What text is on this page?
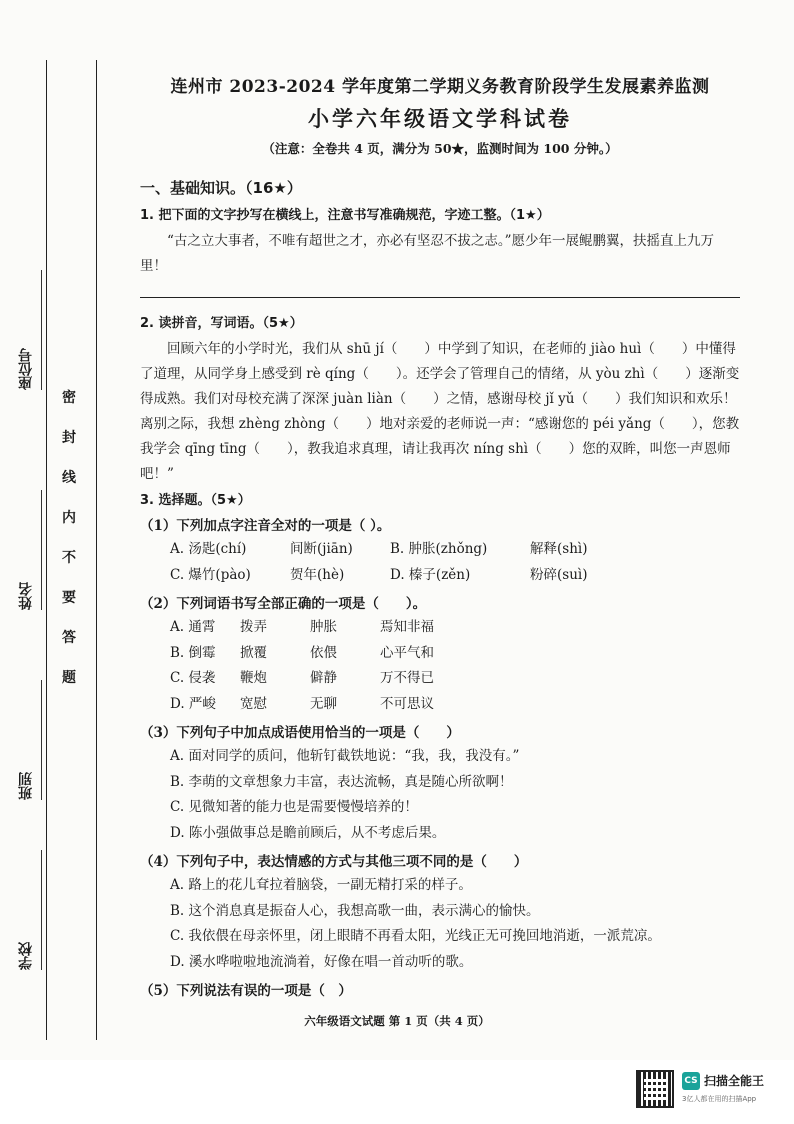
座位号
姓名
班别
学校
密
封
线
内
不
要
答
题

连州市 2023-2024 学年度第二学期义务教育阶段学生发展素养监测

小学六年级语文学科试卷

（注意：全卷共 4 页，满分为 50★，监测时间为 100 分钟。）

一、基础知识。（16★）

1. 把下面的文字抄写在横线上，注意书写准确规范，字迹工整。（1★）

“古之立大事者，不唯有超世之才，亦必有坚忍不拔之志。”愿少年一展鲲鹏翼，扶摇直上九万里！

2. 读拼音，写词语。（5★）

回顾六年的小学时光，我们从 shū jí（　　）中学到了知识，在老师的 jiào huì（　　）中懂得了道理，从同学身上感受到 rè qíng（　　）。还学会了管理自己的情绪，从 yòu zhì（　　）逐渐变得成熟。我们对母校充满了深深 juàn liàn（　　）之情，感谢母校 jǐ yǔ（　　）我们知识和欢乐！离别之际，我想 zhèng zhòng（　　）地对亲爱的老师说一声：“感谢您的 péi yǎng（　　），您教我学会 qīng tīng（　　），教我追求真理，请让我再次 níng shì（　　）您的双眸，叫您一声恩师吧！”

3. 选择题。（5★）

（1）下列加点字注音全对的一项是（ ）。

A. 汤匙(chí)	间断(jiān)	B. 肿胀(zhǒng)	解释(shì)
C. 爆竹(pào)	贺年(hè)	D. 榛子(zěn)	粉碎(suì)

（2）下列词语书写全部正确的一项是（　　）。

A. 通霄	拨弄	肿胀	焉知非福
B. 倒霉	掀覆	依偎	心平气和
C. 侵袭	鞭炮	僻静	万不得已
D. 严峻	宽慰	无聊	不可思议

（3）下列句子中加点成语使用恰当的一项是（　　）

A. 面对同学的质问，他斩钉截铁地说：“我，我，我没有。”

B. 李萌的文章想象力丰富，表达流畅，真是随心所欲啊！

C. 见微知著的能力也是需要慢慢培养的！

D. 陈小强做事总是瞻前顾后，从不考虑后果。

（4）下列句子中，表达情感的方式与其他三项不同的是（　　）

A. 路上的花儿耷拉着脑袋，一副无精打采的样子。

B. 这个消息真是振奋人心，我想高歌一曲，表示满心的愉快。

C. 我依偎在母亲怀里，闭上眼睛不再看太阳，光线正无可挽回地消逝，一派荒凉。

D. 溪水哗啦啦地流淌着，好像在唱一首动听的歌。

（5）下列说法有误的一项是（　）

六年级语文试题 第 1 页（共 4 页）
CS 扫描全能王
3亿人都在用的扫描App
